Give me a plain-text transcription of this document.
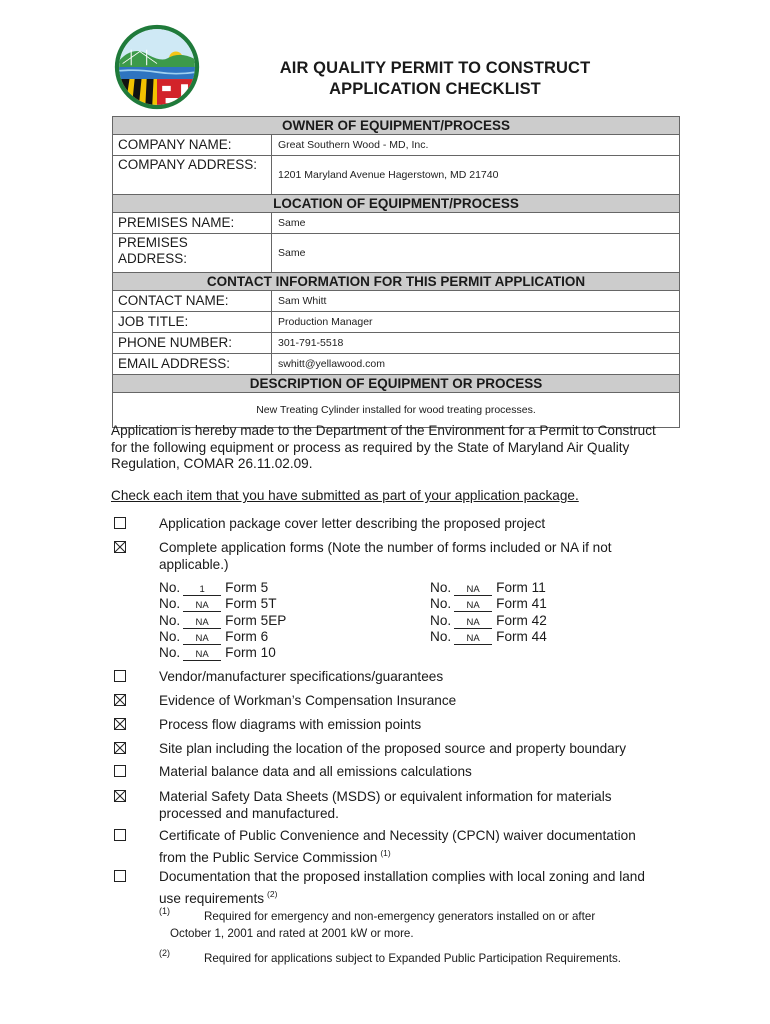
AIR QUALITY PERMIT TO CONSTRUCT
APPLICATION CHECKLIST
OWNER OF EQUIPMENT/PROCESS	
COMPANY NAME:	Great Southern Wood - MD, Inc.
COMPANY ADDRESS:	1201 Maryland Avenue Hagerstown, MD 21740
LOCATION OF EQUIPMENT/PROCESS	
PREMISES NAME:	Same

PREMISES
ADDRESS:	Same
CONTACT INFORMATION FOR THIS PERMIT APPLICATION	
CONTACT NAME:	Sam Whitt
JOB TITLE:	Production Manager
PHONE NUMBER:	301-791-5518
EMAIL ADDRESS:	swhitt@yellawood.com
DESCRIPTION OF EQUIPMENT OR PROCESS	
New Treating Cylinder installed for wood treating processes.	
Application is hereby made to the Department of the Environment for a Permit to Construct for the following equipment or process as required by the State of Maryland Air Quality Regulation, COMAR 26.11.02.09.
Check each item that you have submitted as part of your application package.
Application package cover letter describing the proposed project
Complete application forms (Note the number of forms included or NA if not applicable.)
No. 1 Form 5
No. NA Form 5T
No. NA Form 5EP
No. NA Form 6
No. NA Form 10
No. NA Form 11
No. NA Form 41
No. NA Form 42
No. NA Form 44
Vendor/manufacturer specifications/guarantees
Evidence of Workman’s Compensation Insurance
Process flow diagrams with emission points
Site plan including the location of the proposed source and property boundary
Material balance data and all emissions calculations
Material Safety Data Sheets (MSDS) or equivalent information for materials processed and manufactured.
Certificate of Public Convenience and Necessity (CPCN) waiver documentation from the Public Service Commission $^{(1)}$
Documentation that the proposed installation complies with local zoning and land use requirements $^{(2)}$
(1)	Required for emergency and non-emergency generators installed on or after
October 1, 2001 and rated at 2001 kW or more.
(2)	Required for applications subject to Expanded Public Participation Requirements.
